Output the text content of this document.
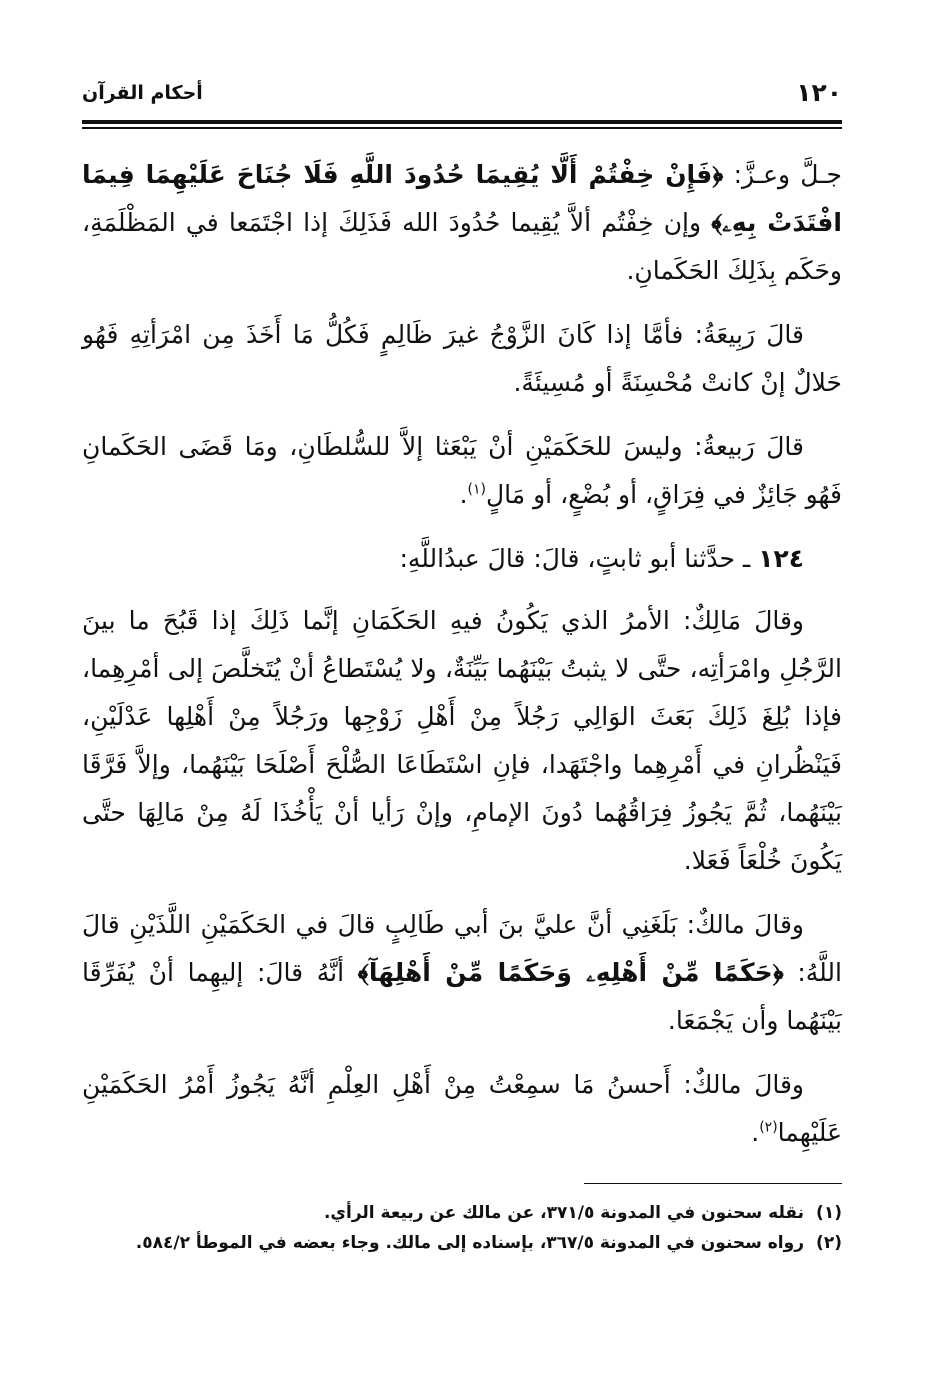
١٢٠
أحكام القرآن

جـلَّ وعـزَّ: ﴿فَإِنْ خِفْتُمْ أَلَّا يُقِيمَا حُدُودَ اللَّهِ فَلَا جُنَاحَ عَلَيْهِمَا فِيمَا افْتَدَتْ بِهِۦ﴾ وإن خِفْتُم ألاَّ يُقِيما حُدُودَ الله فَذَلِكَ إذا اجْتَمَعا في المَظْلَمَةِ، وحَكَم بِذَلِكَ الحَكَمانِ.

قالَ رَبِيعَةُ: فأمَّا إذا كَانَ الزَّوْجُ غيرَ ظَالِمٍ فَكُلُّ مَا أَخَذَ مِن امْرَأتِهِ فَهُو حَلالٌ إنْ كانتْ مُحْسِنَةً أو مُسِيئَةً.

قالَ رَبيعةُ: وليسَ للحَكَمَيْنِ أنْ يَبْعَثا إلاَّ للسُّلطَانِ، ومَا قَضَى الحَكَمانِ فَهُو جَائِزٌ في فِرَاقٍ، أو بُضْعٍ، أو مَالٍ$^{(١)}$.

١٢٤ ـ حدَّثنا أبو ثابتٍ، قالَ: قالَ عبدُاللَّهِ:

وقالَ مَالِكٌ: الأمرُ الذي يَكُونُ فيهِ الحَكَمَانِ إنَّما ذَلِكَ إذا قَبُحَ ما بينَ الرَّجُلِ وامْرَأتِه، حتَّى لا يثبتُ بَيْنَهُما بَيِّنَةٌ، ولا يُسْتَطاعُ أنْ يُتَخلَّصَ إلى أمْرِهِما، فإذا بُلِغَ ذَلِكَ بَعَثَ الوَالِي رَجُلاً مِنْ أَهْلِ زَوْجِها ورَجُلاً مِنْ أَهْلِها عَدْلَيْنِ، فَيَنْظُرانِ في أَمْرِهِما واجْتَهَدا، فإنِ اسْتَطَاعَا الصُّلْحَ أَصْلَحَا بَيْنَهُما، وإلاَّ فَرَّقَا بَيْنَهُما، ثُمَّ يَجُوزُ فِرَاقُهُما دُونَ الإمامِ، وإنْ رَأيا أنْ يَأْخُذَا لَهُ مِنْ مَالِهَا حتَّى يَكُونَ خُلْعَاً فَعَلا.

وقالَ مالكٌ: بَلَغَنِي أنَّ عليَّ بنَ أبي طَالِبٍ قالَ في الحَكَمَيْنِ اللَّذَيْنِ قالَ اللَّهُ: ﴿حَكَمًا مِّنْ أَهْلِهِۦ وَحَكَمًا مِّنْ أَهْلِهَآ﴾ أنَّهُ قالَ: إليهِما أنْ يُفَرِّقَا بَيْنَهُما وأن يَجْمَعَا.

وقالَ مالكٌ: أَحسنُ مَا سمِعْتُ مِنْ أَهْلِ العِلْمِ أنَّهُ يَجُوزُ أَمْرُ الحَكَمَيْنِ عَلَيْهِما$^{(٢)}$.

(١)نقله سحنون في المدونة ٣٧١/٥، عن مالك عن ربيعة الرأي.

(٢)رواه سحنون في المدونة ٣٦٧/٥، بإسناده إلى مالك. وجاء بعضه في الموطأ ٥٨٤/٢.
